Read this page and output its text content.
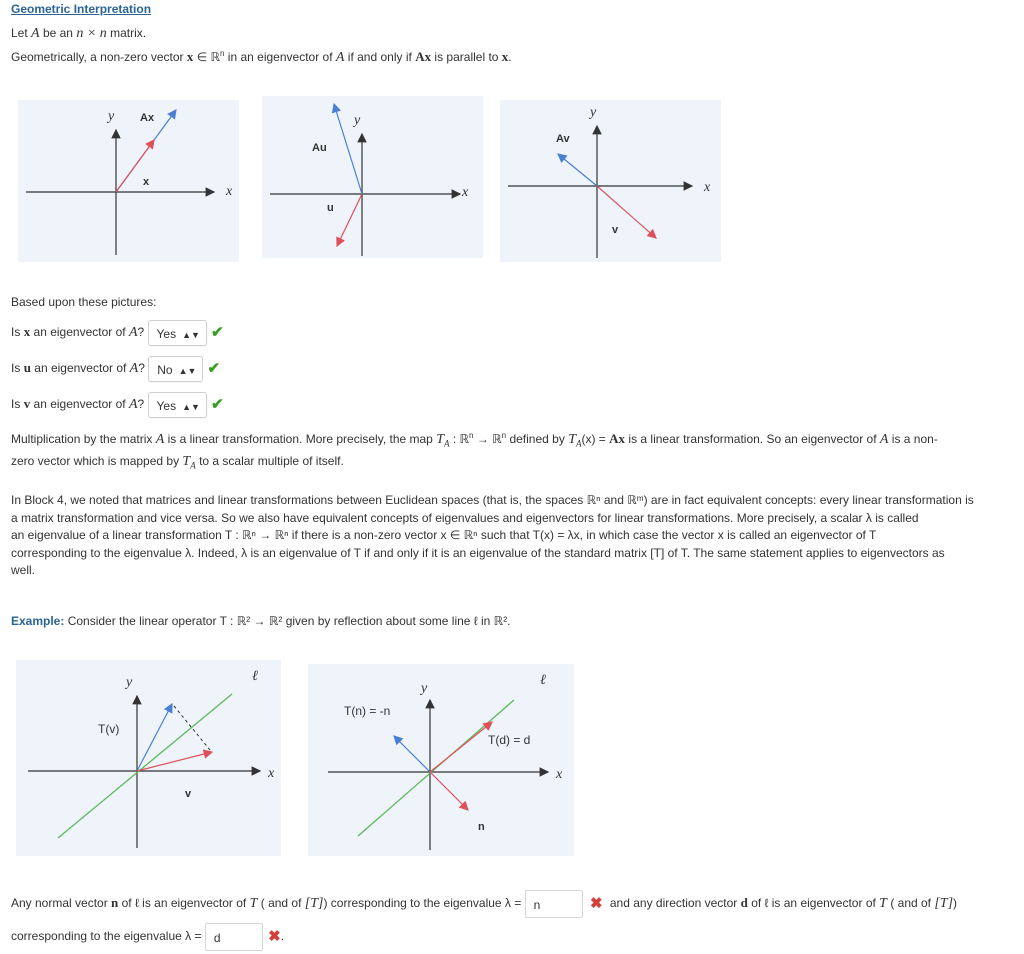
Geometric Interpretation
Let A be an n × n matrix.
Geometrically, a non-zero vector x ∈ ℝ$^n$ in an eigenvector of A if and only if Ax is parallel to x.
y
x
Ax
x
y
x
Au
u
y
x
Av
v
Based upon these pictures:
Is x an eigenvector of A? Yes ▲▼ ✔
Is u an eigenvector of A? No ▲▼ ✔
Is v an eigenvector of A? Yes ▲▼ ✔
Multiplication by the matrix A is a linear transformation. More precisely, the map $T_A$ : ℝ$^n$ → ℝ$^n$ defined by $T_A(x) = Ax$ is a linear transformation. So an eigenvector of A is a non-
zero vector which is mapped by $T_A$ to a scalar multiple of itself.
In Block 4, we noted that matrices and linear transformations between Euclidean spaces (that is, the spaces ℝⁿ and ℝᵐ) are in fact equivalent concepts: every linear transformation is
a matrix transformation and vice versa. So we also have equivalent concepts of eigenvalues and eigenvectors for linear transformations. More precisely, a scalar λ is called
an eigenvalue of a linear transformation T : ℝⁿ → ℝⁿ if there is a non-zero vector x ∈ ℝⁿ such that T(x) = λx, in which case the vector x is called an eigenvector of T
corresponding to the eigenvalue λ. Indeed, λ is an eigenvalue of T if and only if it is an eigenvalue of the standard matrix [T] of T. The same statement applies to eigenvectors as
well.
Example: Consider the linear operator T : ℝ² → ℝ² given by reflection about some line ℓ in ℝ².
y
x
ℓ
T(v)
v
y
x
ℓ
T(n) = -n
T(d) = d
n
Any normal vector n of ℓ is an eigenvector of T ( and of [T]) corresponding to the eigenvalue λ = n	✖ and any direction vector d of ℓ is an eigenvector of T ( and of [T])
corresponding to the eigenvalue λ = d	✖.
